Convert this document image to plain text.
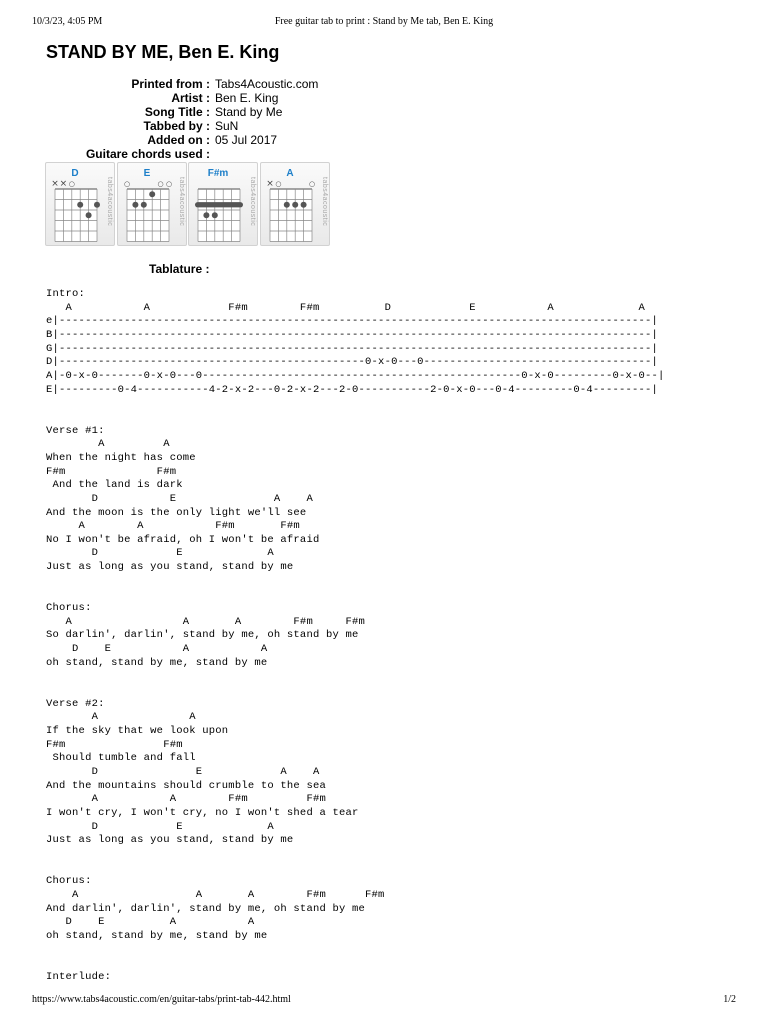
10/3/23, 4:05 PM	Free guitar tab to print : Stand by Me tab, Ben E. King
STAND BY ME, Ben E. King
Printed from : Tabs4Acoustic.com
Artist : Ben E. King
Song Title : Stand by Me
Tabbed by : SuN
Added on : 05 Jul 2017
Guitare chords used :
D
× × ○	tabs4acoustic
E
○	○ ○ tabs4acoustic
F#m
tabs4acoustic
A
× ○	○ tabs4acoustic
Tablature :
Intro:
A           A            F#m        F#m          D            E           A             A
e|-------------------------------------------------------------------------------------------|
B|-------------------------------------------------------------------------------------------|
G|-------------------------------------------------------------------------------------------|
D|-----------------------------------------------0-x-0---0-----------------------------------|
A|-0-x-0-------0-x-0---0-------------------------------------------------0-x-0---------0-x-0--|
E|---------0-4-----------4-2-x-2---0-2-x-2---2-0-----------2-0-x-0---0-4---------0-4---------|

Verse #1:
A         A
When the night has come
F#m              F#m
And the land is dark
D           E               A    A
And the moon is the only light we'll see
A        A           F#m       F#m
No I won't be afraid, oh I won't be afraid
D            E             A
Just as long as you stand, stand by me

Chorus:
A                 A       A        F#m     F#m
So darlin', darlin', stand by me, oh stand by me
D    E           A           A
oh stand, stand by me, stand by me

Verse #2:
A              A
If the sky that we look upon
F#m               F#m
Should tumble and fall
D               E            A    A
And the mountains should crumble to the sea
A           A        F#m         F#m
I won't cry, I won't cry, no I won't shed a tear
D            E             A
Just as long as you stand, stand by me

Chorus:
A                  A       A        F#m      F#m
And darlin', darlin', stand by me, oh stand by me
D    E          A           A
oh stand, stand by me, stand by me

Interlude:
https://www.tabs4acoustic.com/en/guitar-tabs/print-tab-442.html	1/2
